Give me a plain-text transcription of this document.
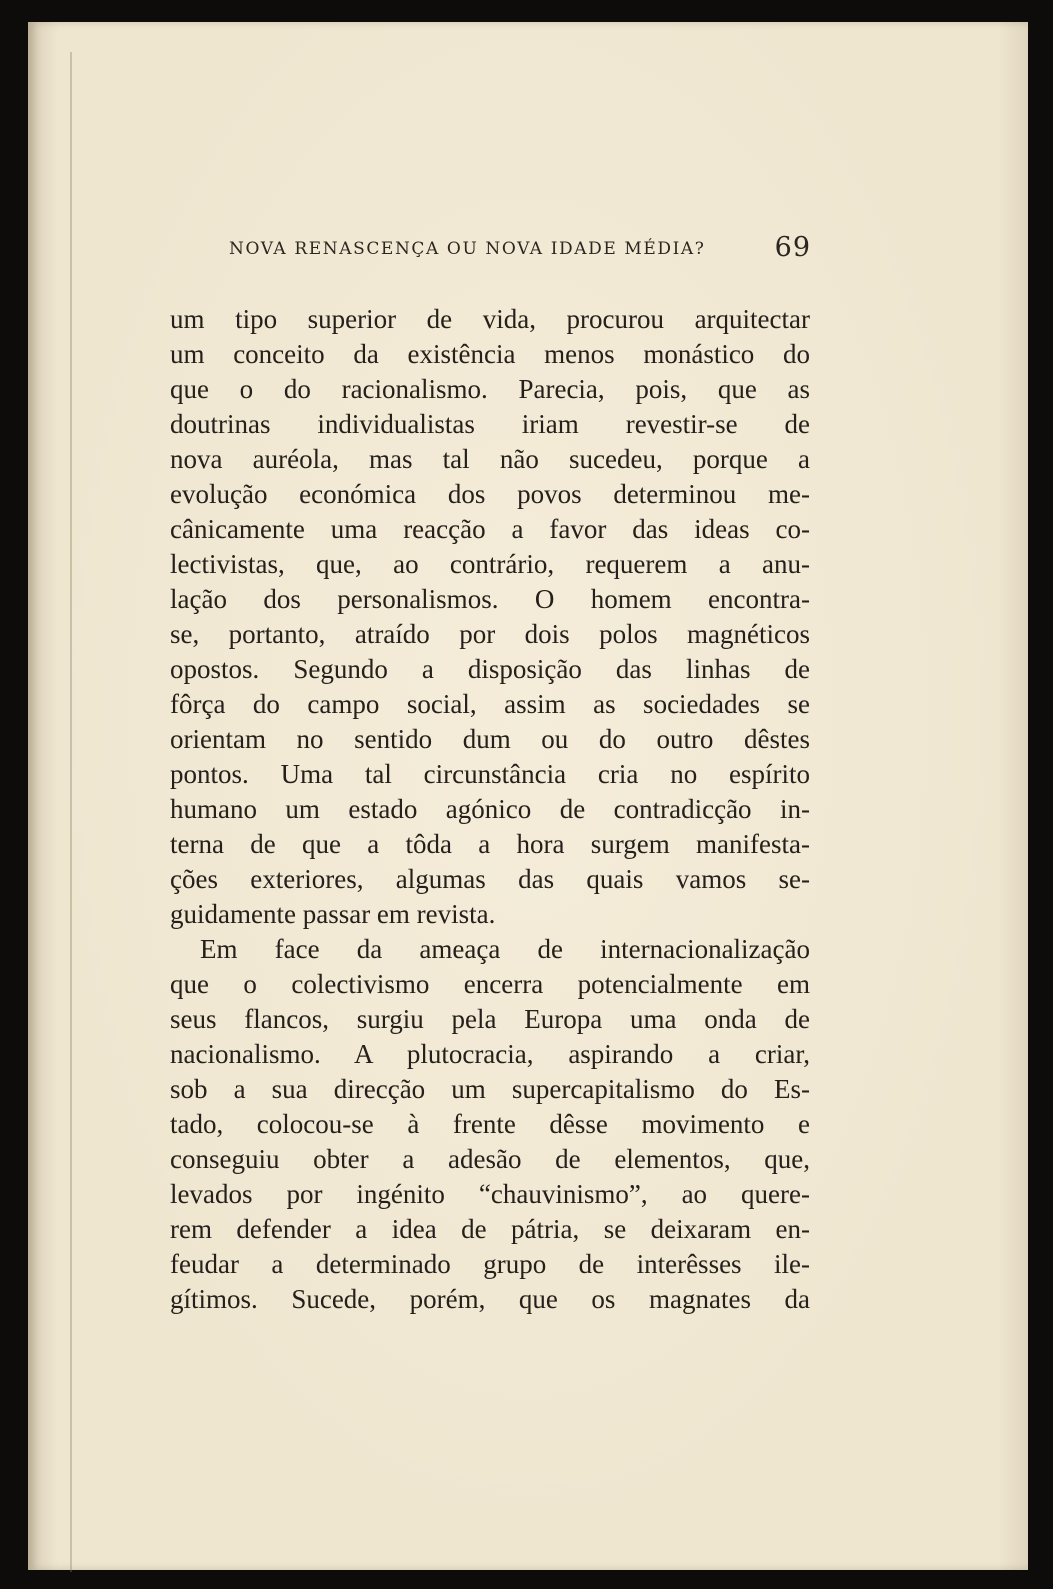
NOVA RENASCENÇA OU NOVA IDADE MÉDIA?	69
um tipo superior de vida, procurou arquitectar
um conceito da existência menos monástico do
que o do racionalismo. Parecia, pois, que as
doutrinas individualistas iriam revestir-se de
nova auréola, mas tal não sucedeu, porque a
evolução económica dos povos determinou me-
cânicamente uma reacção a favor das ideas co-
lectivistas, que, ao contrário, requerem a anu-
lação dos personalismos. O homem encontra-
se, portanto, atraído por dois polos magnéticos
opostos. Segundo a disposição das linhas de
fôrça do campo social, assim as sociedades se
orientam no sentido dum ou do outro dêstes
pontos. Uma tal circunstância cria no espírito
humano um estado agónico de contradicção in-
terna de que a tôda a hora surgem manifesta-
ções exteriores, algumas das quais vamos se-
guidamente passar em revista.
Em face da ameaça de internacionalização
que o colectivismo encerra potencialmente em
seus flancos, surgiu pela Europa uma onda de
nacionalismo. A plutocracia, aspirando a criar,
sob a sua direcção um supercapitalismo do Es-
tado, colocou-se à frente dêsse movimento e
conseguiu obter a adesão de elementos, que,
levados por ingénito “chauvinismo”, ao quere-
rem defender a idea de pátria, se deixaram en-
feudar a determinado grupo de interêsses ile-
gítimos. Sucede, porém, que os magnates da
